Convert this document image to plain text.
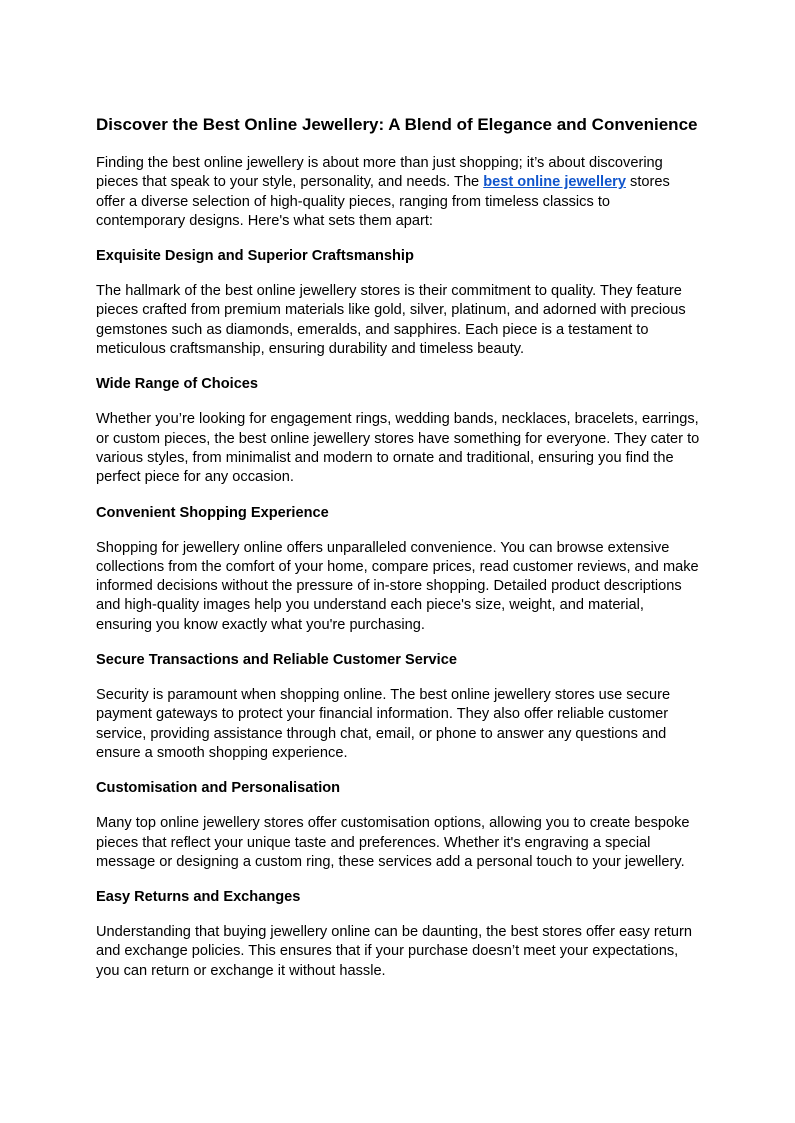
Discover the Best Online Jewellery: A Blend of Elegance and Convenience

Finding the best online jewellery is about more than just shopping; it’s about discovering pieces that speak to your style, personality, and needs. The best online jewellery stores offer a diverse selection of high-quality pieces, ranging from timeless classics to contemporary designs. Here's what sets them apart:

Exquisite Design and Superior Craftsmanship

The hallmark of the best online jewellery stores is their commitment to quality. They feature pieces crafted from premium materials like gold, silver, platinum, and adorned with precious gemstones such as diamonds, emeralds, and sapphires. Each piece is a testament to meticulous craftsmanship, ensuring durability and timeless beauty.

Wide Range of Choices

Whether you’re looking for engagement rings, wedding bands, necklaces, bracelets, earrings, or custom pieces, the best online jewellery stores have something for everyone. They cater to various styles, from minimalist and modern to ornate and traditional, ensuring you find the perfect piece for any occasion.

Convenient Shopping Experience

Shopping for jewellery online offers unparalleled convenience. You can browse extensive collections from the comfort of your home, compare prices, read customer reviews, and make informed decisions without the pressure of in-store shopping. Detailed product descriptions and high-quality images help you understand each piece's size, weight, and material, ensuring you know exactly what you're purchasing.

Secure Transactions and Reliable Customer Service

Security is paramount when shopping online. The best online jewellery stores use secure payment gateways to protect your financial information. They also offer reliable customer service, providing assistance through chat, email, or phone to answer any questions and ensure a smooth shopping experience.

Customisation and Personalisation

Many top online jewellery stores offer customisation options, allowing you to create bespoke pieces that reflect your unique taste and preferences. Whether it's engraving a special message or designing a custom ring, these services add a personal touch to your jewellery.

Easy Returns and Exchanges

Understanding that buying jewellery online can be daunting, the best stores offer easy return and exchange policies. This ensures that if your purchase doesn’t meet your expectations, you can return or exchange it without hassle.
